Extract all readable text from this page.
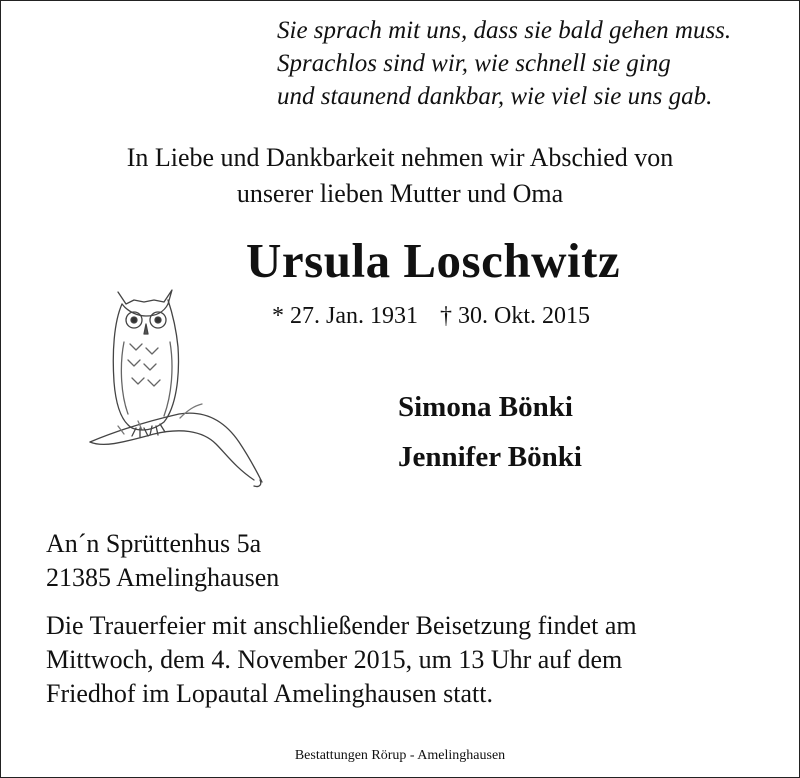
Sie sprach mit uns, dass sie bald gehen muss.
Sprachlos sind wir, wie schnell sie ging
und staunend dankbar, wie viel sie uns gab.
In Liebe und Dankbarkeit nehmen wir Abschied von
unserer lieben Mutter und Oma
Ursula Loschwitz
* 27. Jan. 1931 † 30. Okt. 2015
Simona Bönki
Jennifer Bönki
An´n Sprüttenhus 5a
21385 Amelinghausen
Die Trauerfeier mit anschließender Beisetzung findet am
Mittwoch, dem 4. November 2015, um 13 Uhr auf dem
Friedhof im Lopautal Amelinghausen statt.
Bestattungen Rörup - Amelinghausen
